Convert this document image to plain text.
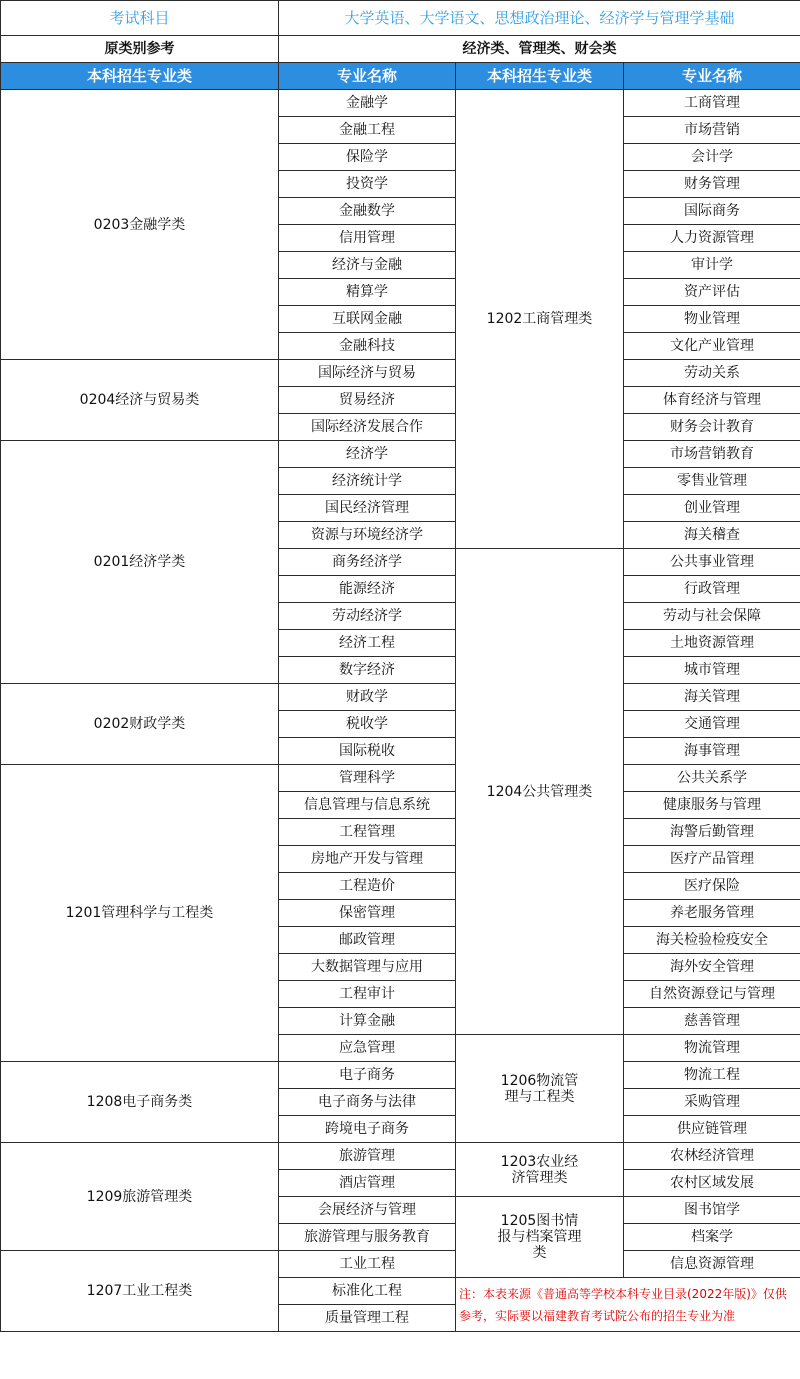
考试科目	大学英语、大学语文、思想政治理论、经济学与管理学基础		
原类别参考	经济类、管理类、财会类		
本科招生专业类	专业名称	本科招生专业类	专业名称
0203金融学类	金融学	1202工商管理类	工商管理
	金融工程		市场营销
	保险学		会计学
	投资学		财务管理
	金融数学		国际商务
	信用管理		人力资源管理
	经济与金融		审计学
	精算学		资产评估
	互联网金融		物业管理
	金融科技		文化产业管理
0204经济与贸易类	国际经济与贸易		劳动关系
	贸易经济		体育经济与管理
	国际经济发展合作		财务会计教育
0201经济学类	经济学		市场营销教育
	经济统计学		零售业管理
	国民经济管理		创业管理
	资源与环境经济学		海关稽查
	商务经济学	1204公共管理类	公共事业管理
	能源经济		行政管理
	劳动经济学		劳动与社会保障
	经济工程		土地资源管理
	数字经济		城市管理
0202财政学类	财政学		海关管理
	税收学		交通管理
	国际税收		海事管理
1201管理科学与工程类	管理科学		公共关系学
	信息管理与信息系统		健康服务与管理
	工程管理		海警后勤管理
	房地产开发与管理		医疗产品管理
	工程造价		医疗保险
	保密管理		养老服务管理
	邮政管理		海关检验检疫安全
	大数据管理与应用		海外安全管理
	工程审计		自然资源登记与管理
	计算金融		慈善管理
	应急管理	1206物流管理与工程类	物流管理
1208电子商务类	电子商务		物流工程
	电子商务与法律		采购管理
	跨境电子商务		供应链管理
1209旅游管理类	旅游管理	1203农业经济管理类	农林经济管理
	酒店管理		农村区域发展
	会展经济与管理	1205图书情报与档案管理类	图书馆学
	旅游管理与服务教育		档案学
1207工业工程类	工业工程		信息资源管理
	标准化工程	注：本表来源《普通高等学校本科专业目录(2022年版)》仅供参考，实际要以福建教育考试院公布的招生专业为准	
	质量管理工程		
